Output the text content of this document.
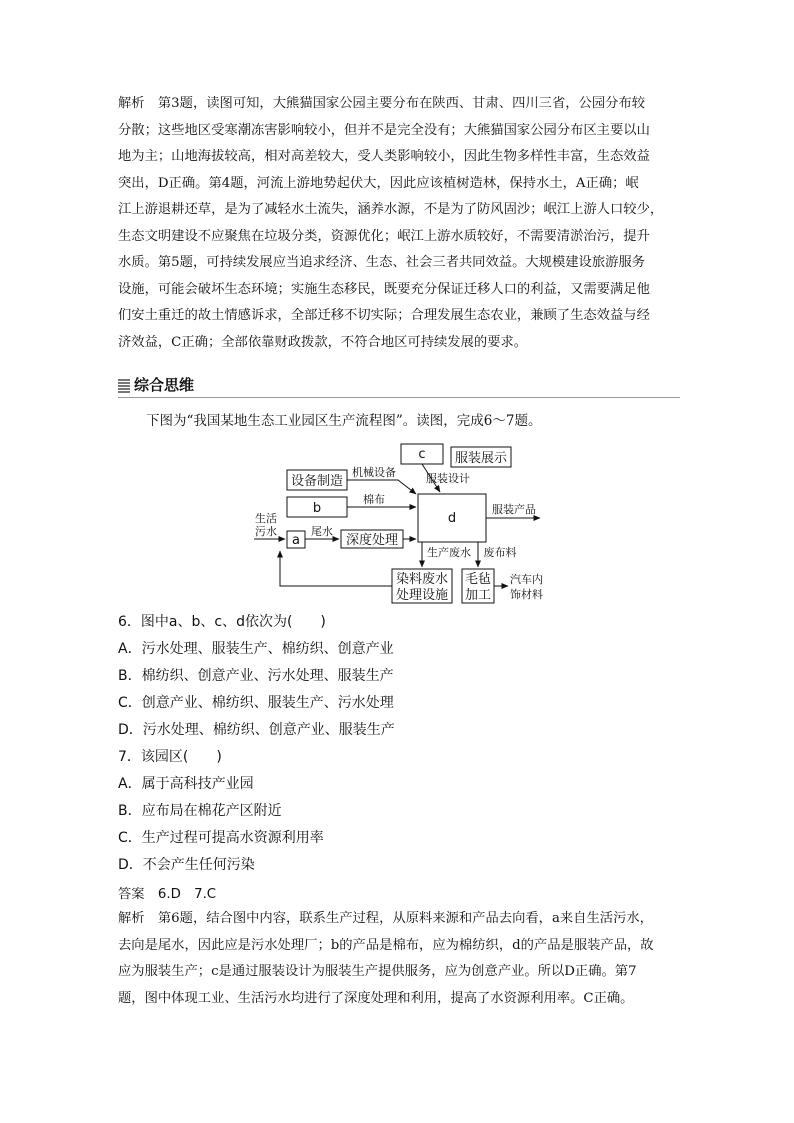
解析　第3题，读图可知，大熊猫国家公园主要分布在陕西、甘肃、四川三省，公园分布较
分散；这些地区受寒潮冻害影响较小，但并不是完全没有；大熊猫国家公园分布区主要以山
地为主；山地海拔较高，相对高差较大，受人类影响较小，因此生物多样性丰富，生态效益
突出，D正确。第4题，河流上游地势起伏大，因此应该植树造林，保持水土，A正确；岷
江上游退耕还草，是为了减轻水土流失，涵养水源，不是为了防风固沙；岷江上游人口较少，
生态文明建设不应聚焦在垃圾分类，资源优化；岷江上游水质较好，不需要清淤治污，提升
水质。第5题，可持续发展应当追求经济、生态、社会三者共同效益。大规模建设旅游服务
设施，可能会破坏生态环境；实施生态移民，既要充分保证迁移人口的利益，又需要满足他
们安土重迁的故土情感诉求，全部迁移不切实际；合理发展生态农业，兼顾了生态效益与经
济效益，C正确；全部依靠财政拨款，不符合地区可持续发展的要求。
综合思维
下图为“我国某地生态工业园区生产流程图”。读图，完成6～7题。
设备制造
b
a	深度处理
c 服装展示
d
染料废水
处理设施
毛毡
加工
机械设备
棉布
生活
污水	尾水
服装设计
服装产品
生产废水 废布料
汽车内
饰材料
6．图中a、b、c、d依次为(　　)
A．污水处理、服装生产、棉纺织、创意产业
B．棉纺织、创意产业、污水处理、服装生产
C．创意产业、棉纺织、服装生产、污水处理
D．污水处理、棉纺织、创意产业、服装生产
7．该园区(　　)
A．属于高科技产业园
B．应布局在棉花产区附近
C．生产过程可提高水资源利用率
D．不会产生任何污染
答案　6.D　7.C
解析　第6题，结合图中内容，联系生产过程，从原料来源和产品去向看，a来自生活污水，
去向是尾水，因此应是污水处理厂；b的产品是棉布，应为棉纺织，d的产品是服装产品，故
应为服装生产；c是通过服装设计为服装生产提供服务，应为创意产业。所以D正确。第7
题，图中体现工业、生活污水均进行了深度处理和利用，提高了水资源利用率。C正确。
